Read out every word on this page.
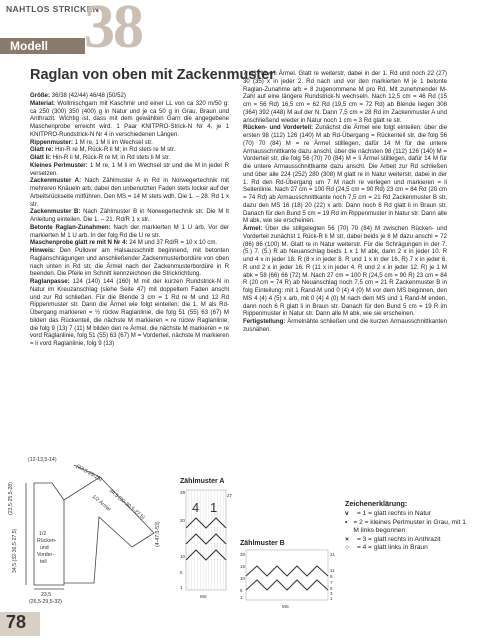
NAHTLOS STRICKEN
Modell 38
Raglan von oben mit Zackenmuster

Größe: 36/38 (42/44) 46/48 (50/52)

Material: Wollmischgarn mit Kaschmir und einer LL von ca 320 m/50 g: ca 250 (300) 350 (400) g in Natur und je ca 50 g in Grau, Braun und Anthrazit. Wichtig ist, dass mit dem gewählten Garn die angegebene Maschenprobe erreicht wird. 1 Paar KNITPRO-Strick-N Nr 4, je 1 KNITPRO-Rundstrick-N Nr 4 in verschiedenen Längen.

Rippenmuster: 1 M re, 1 M li im Wechsel str.

Glatt re: Hin-R re M, Rück-R li M; in Rd stets re M str.

Glatt li: Hin-R li M, Rück-R re M; in Rd stets li M str.

Kleines Perlmuster: 1 M re, 1 M li im Wechsel str und die M in jeder R versetzen.

Zackenmuster A: Nach Zählmuster A in Rd in Norwegertechnik mit mehreren Knäueln arb, dabei den unbenutzten Faden stets locker auf der Arbeitsrückseite mitführen. Den MS = 14 M stets wdh. Die 1. – 28. Rd 1 x str.

Zackenmuster B: Nach Zählmuster B in Norwegertechnik str. Die M lt Anleitung einteilen. Die 1. – 21. Rd/R 1 x str.

Betonte Raglan-Zunahmen: Nach der markierten M 1 U arb. Vor der markierten M 1 U arb. In der folg Rd die U re str.

Maschenprobe glatt re mit N Nr 4: 24 M und 37 Rd/R = 10 x 10 cm.

Hinweis: Den Pullover am Halsausschnitt beginnend, mit betonten Raglanschrägungen und anschließender Zackenmusterbordüre von oben nach unten in Rd str, die Ärmel nach der Zackenmusterbordüre in R beenden. Die Pfeile im Schnitt kennzeichnen die Strickrichtung.

Raglanpasse: 124 (140) 144 (160) M mit der kurzen Rundstrick-N in Natur im Kreuzanschlag (siehe Seite 47) mit doppeltem Faden anschl und zur Rd schließen. Für die Blende 3 cm = 1 Rd re M und 12 Rd Rippenmuster str. Dann die Ärmel wie folgt einteilen: die 1. M als Rd-Übergang markieren = ½ rückw Raglanlinie, die folg 51 (55) 63 (67) M bilden das Rückenteil, die nächste M markieren = re rückw Raglanlinie, die folg 9 (13) 7 (11) M bilden den re Ärmel, die nächste M markieren = re vord Raglanlinie, folg 51 (55) 63 (67) M = Vorderteil, nächste M markieren = li vord Raglanlinie, folg 9 (13)

7 (11) M = li Ärmel. Glatt re weiterstr, dabei in der 1. Rd und noch 22 (27) 30 (35) x in jeder 2. Rd nach und vor den markierten M je 1 betonte Raglan-Zunahme arb = 8 zugenommene M pro Rd. Mit zunehmender M-Zahl auf eine längere Rundstrick-N wechseln. Nach 12,5 cm = 46 Rd (15 cm = 56 Rd) 16,5 cm = 62 Rd (19,5 cm = 72 Rd) ab Blende liegen 308 (364) 392 (448) M auf der N. Dann 7,5 cm = 28 Rd im Zackenmuster A und anschließend wieder in Natur noch 1 cm = 3 Rd glatt re str.

Rücken- und Vorderteil: Zunächst die Ärmel wie folgt einteilen: über die ersten 98 (112) 126 (140) M ab Rd-Übergang = Rückenteil str, die folg 56 (70) 70 (84) M = re Ärmel stilllegen, dafür 14 M für die untere Armausschnittkante dazu anschl, über die nächsten 98 (112) 126 (140) M = Vorderteil str, die folg 56 (70) 70 (84) M = li Ärmel stilllegen, dafür 14 M für die untere Armausschnittkante dazu anschl. Die Arbeit zur Rd schließen und über alle 224 (252) 280 (308) M glatt re in Natur weiterstr, dabei in der 1. Rd den Rd-Übergang um 7 M nach re verlegen und markieren = li Seitenlinie. Nach 27 cm = 100 Rd (24,5 cm = 90 Rd) 23 cm = 84 Rd (20 cm = 74 Rd) ab Armausschnittkante noch 7,5 cm = 21 Rd Zackenmuster B str, dazu den MS 16 (18) 20 (22) x arb. Dann noch 6 Rd glatt li in Braun str. Danach für den Bund 5 cm = 19 Rd im Rippenmuster in Natur str. Dann alle M abk, wie sie erscheinen.

Ärmel: Über die stillgelegten 56 (70) 70 (84) M zwischen Rücken- und Vorderteil zunächst 1 Rück-R li M str, dabei beids je 8 M dazu anschl = 72 (86) 86 (100) M. Glatt re in Natur weiterstr. Für die Schrägungen in der 7. (5.) 7. (5.) R ab Neuanschlag beids 1 x 1 M abk, dann 2 x in jeder 10. R und 4 x in jeder 18. R (8 x in jeder 8. R und 1 x in der 16. R) 7 x in jeder 6. R und 2 x in jeder 16. R (11 x in jeder 4. R und 2 x in jeder 12. R) je 1 M abk = 58 (66) 66 (72) M. Nach 27 cm = 100 R (24,5 cm = 90 R) 23 cm = 84 R (20 cm = 74 R) ab Neuanschlag noch 7,5 cm = 21 R Zackenmuster B in folg Einteilung: mit 1 Rand-M und 0 (4) 4 (0) M vor dem MS beginnen, den MS 4 (4) 4 (5) x arb, mit 0 (4) 4 (0) M nach dem MS und 1 Rand-M enden, dann noch 6 R glatt li in Braun str. Danach für den Bund 5 cm = 19 R im Rippenmuster in Natur str. Dann alle M abk, wie sie erscheinen.

Fertigstellung: Ärmelnähte schließen und die kurzen Armausschnittkanten zusnähen.

(12-13,5-14)
1/2
Rücken-
und
Vorder-
teil
23,5
(26,5-29,5-32)
1/2 Ärmel
(23,5-25-28)
34,5 (32-30,5-27,5)
34,5 (32-30,5-27,5)
(23,5-25,5-28)
(4-47,5-53)
Zählmuster A
4 1
28
27
20
10
5
1
MS
Zählmuster B
20
15
10
5
1
21
11
9
7
5
3
1
MS
Zeichenerklärung:
v	= 1 = glatt rechts in Natur
• = 2 = kleines Perlmuster in Grau, mit 1 M links begonnen
×	= 3 = glatt rechts in Anthrazit
○	= 4 = glatt links in Braun
78
